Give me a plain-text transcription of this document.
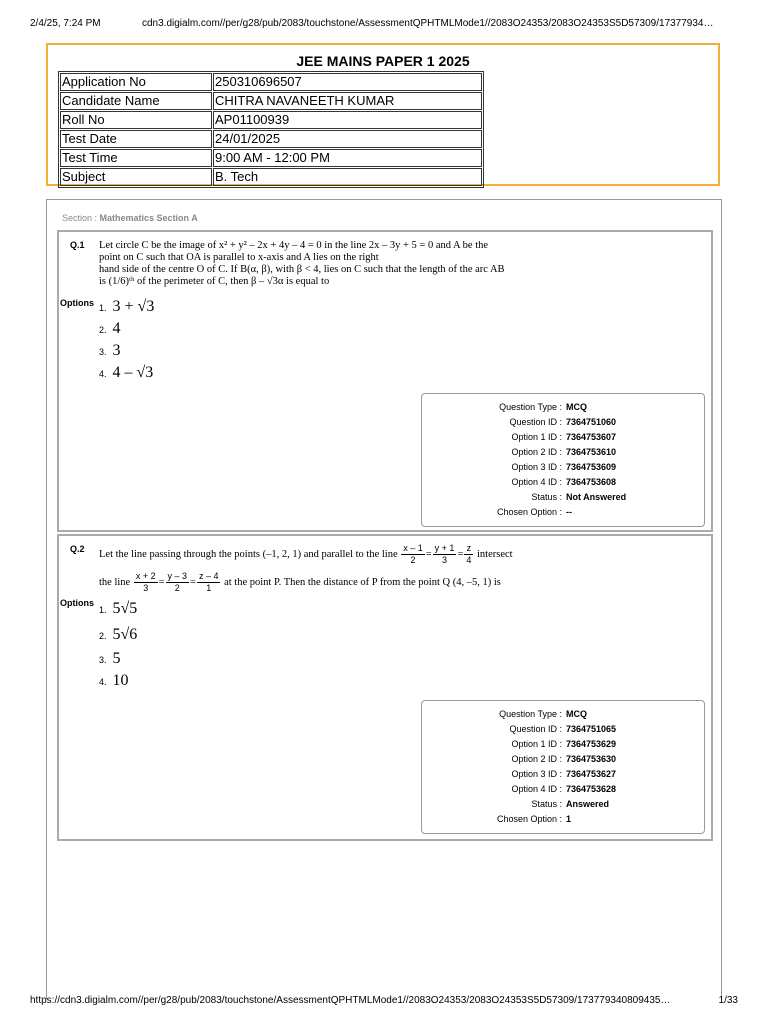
2/4/25, 7:24 PM	cdn3.digialm.com//per/g28/pub/2083/touchstone/AssessmentQPHTMLMode1//2083O24353/2083O24353S5D57309/17377934…
JEE MAINS PAPER 1 2025
Application No	250310696507
Candidate Name	CHITRA NAVANEETH KUMAR
Roll No	AP01100939
Test Date	24/01/2025
Test Time	9:00 AM - 12:00 PM
Subject	B. Tech
Section : Mathematics Section A
Q.1 Let circle C be the image of x² + y² – 2x + 4y – 4 = 0 in the line 2x – 3y + 5 = 0 and A be the
point on C such that OA is parallel to x-axis and A lies on the right
hand side of the centre O of C. If B(α, β), with β < 4, lies on C such that the length of the arc AB
is (1/6)ᵗʰ of the perimeter of C, then β – √3α is equal to
Options 1. 3 + √3
2. 4
3. 3
4. 4 – √3
Question Type : MCQ
Question ID : 7364751060
Option 1 ID : 7364753607
Option 2 ID : 7364753610
Option 3 ID : 7364753609
Option 4 ID : 7364753608
Status : Not Answered
Chosen Option : --
Q.2 Let the line passing through the points (–1, 2, 1) and parallel to the line $\frac{x - 1}{2} = \frac{y + 1}{3} = \frac{z}{4}$ intersect
the line $\frac{x + 2}{3} = \frac{y - 3}{2} = \frac{z - 4}{1}$ at the point P. Then the distance of P from the point Q (4, –5, 1) is
Options
1. 5√5
2. 5√6
3. 5
4. 10
Question Type : MCQ
Question ID : 7364751065
Option 1 ID : 7364753629
Option 2 ID : 7364753630
Option 3 ID : 7364753627
Option 4 ID : 7364753628
Status : Answered
Chosen Option : 1
https://cdn3.digialm.com//per/g28/pub/2083/touchstone/AssessmentQPHTMLMode1//2083O24353/2083O24353S5D57309/173779340809435…	1/33
